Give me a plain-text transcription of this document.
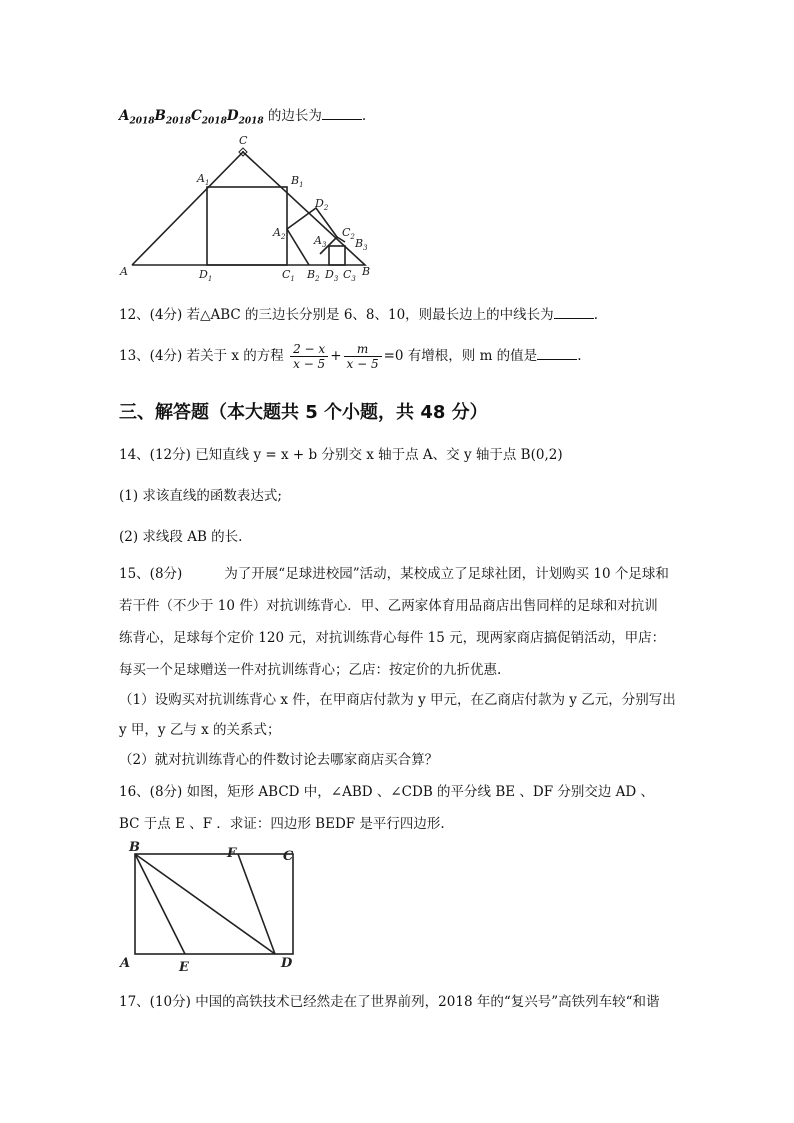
$A_{2018}B_{2018}C_{2018}D_{2018}$ 的边长为	.
C
$A_1$	$B_1$
$D_2$
$A_2$	$A_3$
$C_2$ $B_3$
A	$D_1$	$C_1$ $B_2$ $D_3$ $C_3$
B
12、(4分) 若△ABC 的三边长分别是 6、8、10，则最长边上的中线长为	.
13、(4分) 若关于 x 的方程 $\frac{2 - x}{x - 5} + \frac{m}{x - 5} =0$ 有增根，则 m 的值是	.
三、解答题（本大题共 5 个小题，共 48 分）
14、(12分) 已知直线 y = x + b 分别交 x 轴于点 A、交 y 轴于点 B(0,2)
(1) 求该直线的函数表达式;
(2) 求线段 AB 的长.
15、(8分)	为了开展“足球进校园”活动，某校成立了足球社团，计划购买 10 个足球和
若干件（不少于 10 件）对抗训练背心．甲、乙两家体育用品商店出售同样的足球和对抗训
练背心，足球每个定价 120 元，对抗训练背心每件 15 元，现两家商店搞促销活动，甲店：
每买一个足球赠送一件对抗训练背心；乙店：按定价的九折优惠.
（1）设购买对抗训练背心 x 件，在甲商店付款为 y 甲元，在乙商店付款为 y 乙元，分别写出
y 甲，y 乙与 x 的关系式；
（2）就对抗训练背心的件数讨论去哪家商店买合算？
16、(8分) 如图，矩形 ABCD 中，∠ABD 、∠CDB 的平分线 BE 、DF 分别交边 AD 、
BC 于点 E 、F ．求证：四边形 BEDF 是平行四边形.
B	F	C
A	E	D
17、(10分) 中国的高铁技术已经然走在了世界前列，2018 年的“复兴号”高铁列车较“和谐
